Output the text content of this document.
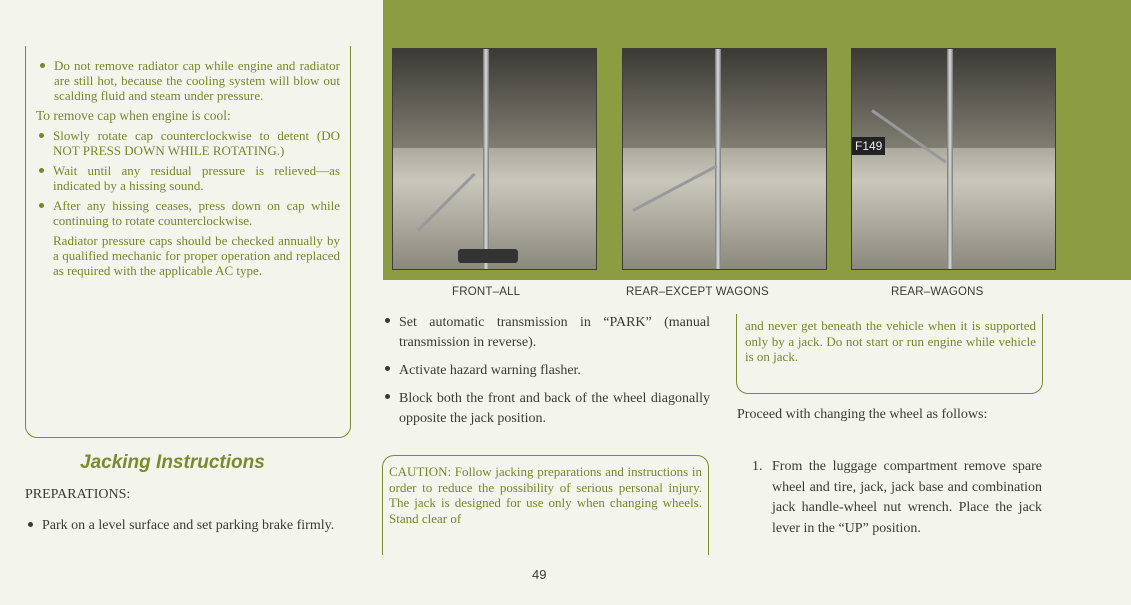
Do not remove radiator cap while engine and radiator are still hot, because the cooling system will blow out scalding fluid and steam under pressure.

To remove cap when engine is cool:

Slowly rotate cap counterclockwise to detent (DO NOT PRESS DOWN WHILE ROTATING.)

Wait until any residual pressure is relieved—as indicated by a hissing sound.

After any hissing ceases, press down on cap while continuing to rotate counterclockwise.

Radiator pressure caps should be checked annually by a qualified mechanic for proper operation and replaced as required with the applicable AC type.

Jacking Instructions
PREPARATIONS:

Park on a level surface and set parking brake firmly.

F149
FRONT–ALL	REAR–EXCEPT WAGONS	REAR–WAGONS

Set automatic transmission in “PARK” (manual transmission in reverse).

Activate hazard warning flasher.

Block both the front and back of the wheel diagonally opposite the jack position.

CAUTION: Follow jacking preparations and instructions in order to reduce the possibility of serious personal injury. The jack is designed for use only when changing wheels. Stand clear of

49

and never get beneath the vehicle when it is supported only by a jack. Do not start or run engine while vehicle is on jack.

Proceed with changing the wheel as follows:

1. From the luggage compartment remove spare wheel and tire, jack, jack base and combination jack handle-wheel nut wrench. Place the jack lever in the “UP” position.
